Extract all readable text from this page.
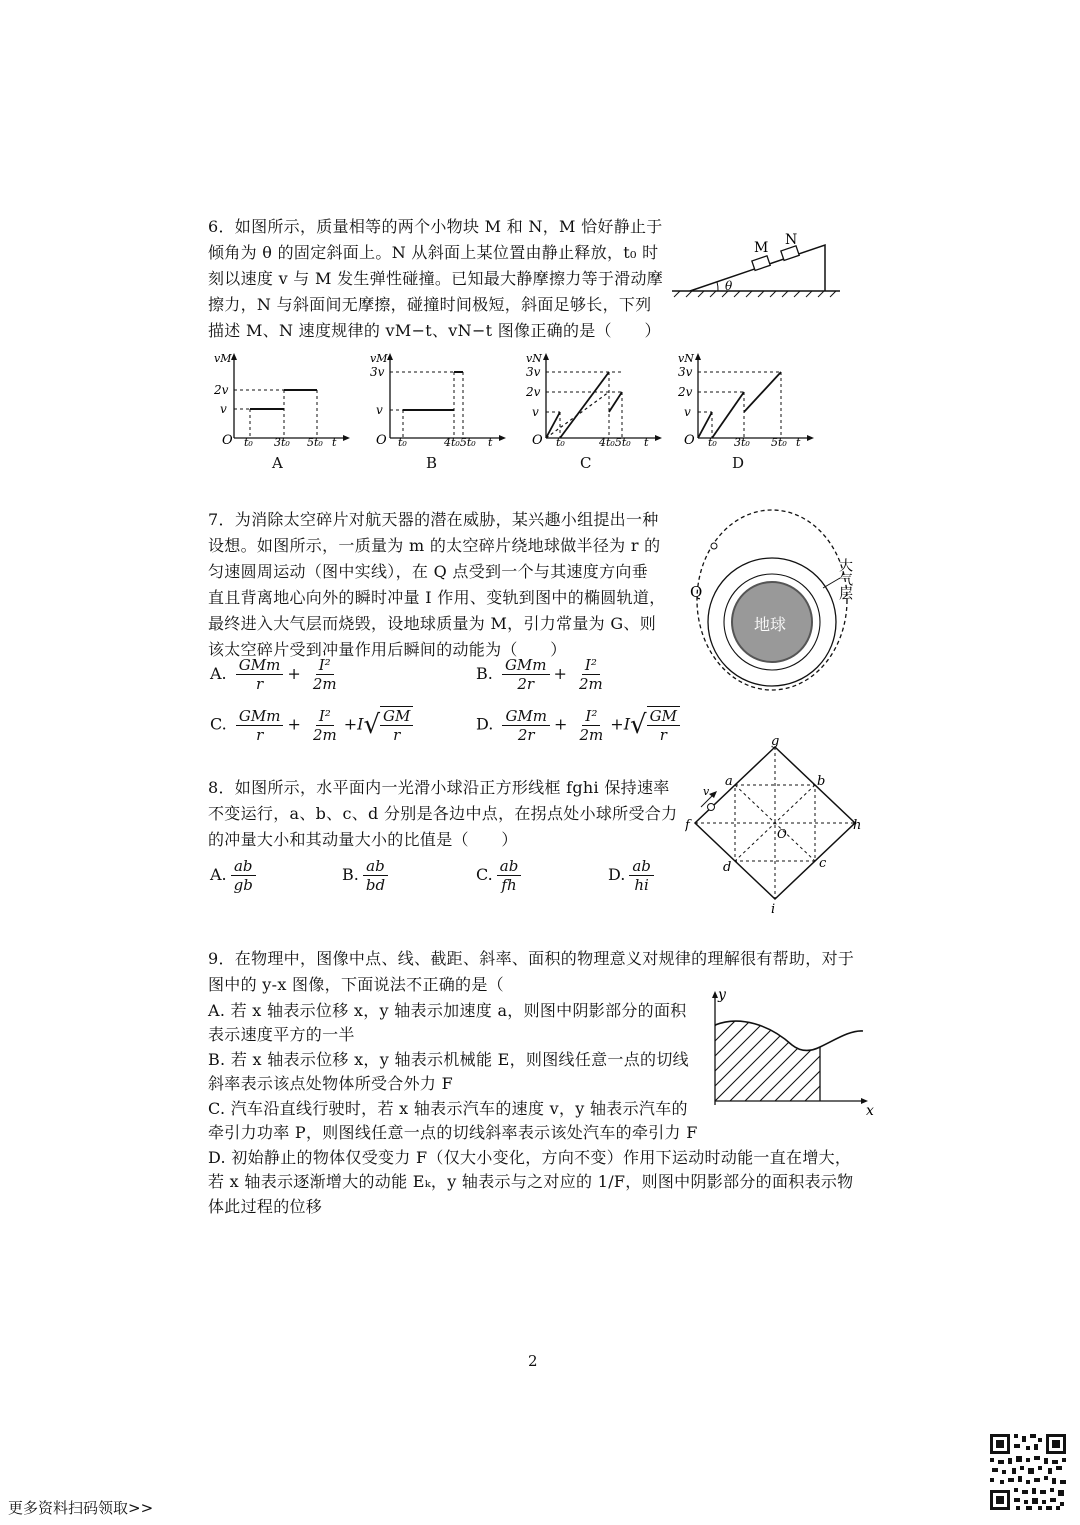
6．如图所示，质量相等的两个小物块 M 和 N，M 恰好静止于
倾角为 θ 的固定斜面上。N 从斜面上某位置由静止释放，t₀ 时
刻以速度 v 与 M 发生弹性碰撞。已知最大静摩擦力等于滑动摩
擦力，N 与斜面间无摩擦，碰撞时间极短，斜面足够长，下列
描述 M、N 速度规律的 vM−t、vN−t 图像正确的是（　　）
M N
θ
vM
2v
v
O t₀ 3t₀ 5t₀ t
A
vM
3v
v
O t₀	4t₀5t₀ t
B
vN
3v
2v
v
O t₀	4t₀5t₀ t
C
vN
3v
2v
v
O t₀ 3t₀ 5t₀ t
D
7．为消除太空碎片对航天器的潜在威胁，某兴趣小组提出一种
设想。如图所示，一质量为 m 的太空碎片绕地球做半径为 r 的
匀速圆周运动（图中实线），在 Q 点受到一个与其速度方向垂
直且背离地心向外的瞬时冲量 I 作用、变轨到图中的椭圆轨道，
最终进入大气层而烧毁，设地球质量为 M，引力常量为 G、则
该太空碎片受到冲量作用后瞬间的动能为（　　）
A. $\frac{\text{GMm}}{r} + \frac{\text{I²}}{2m}$	B. $\frac{\text{GMm}}{2r} + \frac{\text{I²}}{2m}$
C. $\frac{\text{GMm}}{r} + \frac{\text{I²}}{2m} +I$ √ $\frac{GM}{r}$	D. $\frac{\text{GMm}}{2r} + \frac{\text{I²}}{2m} +I$ √ $\frac{GM}{r}$
地球
Q	大气层
8．如图所示，水平面内一光滑小球沿正方形线框 fghi 保持速率
不变运行，a、b、c、d 分别是各边中点，在拐点处小球所受合力
的冲量大小和其动量大小的比值是（　　）
A. $\frac{ab}{gb}$	B. $\frac{ab}{bd}$	C. $\frac{ab}{fh}$	D. $\frac{ab}{hi}$
g
f	h
i
a	b
c
d
O
v
9．在物理中，图像中点、线、截距、斜率、面积的物理意义对规律的理解很有帮助，对于
图中的 y-x 图像，下面说法不正确的是（
A. 若 x 轴表示位移 x，y 轴表示加速度 a，则图中阴影部分的面积
表示速度平方的一半
B. 若 x 轴表示位移 x，y 轴表示机械能 E，则图线任意一点的切线
斜率表示该点处物体所受合外力 F
C. 汽车沿直线行驶时，若 x 轴表示汽车的速度 v，y 轴表示汽车的
牵引力功率 P，则图线任意一点的切线斜率表示该处汽车的牵引力 F
D. 初始静止的物体仅受变力 F（仅大小变化，方向不变）作用下运动时动能一直在增大，
若 x 轴表示逐渐增大的动能 Eₖ，y 轴表示与之对应的 1/F，则图中阴影部分的面积表示物
体此过程的位移
y
x
2
更多资料扫码领取>>
